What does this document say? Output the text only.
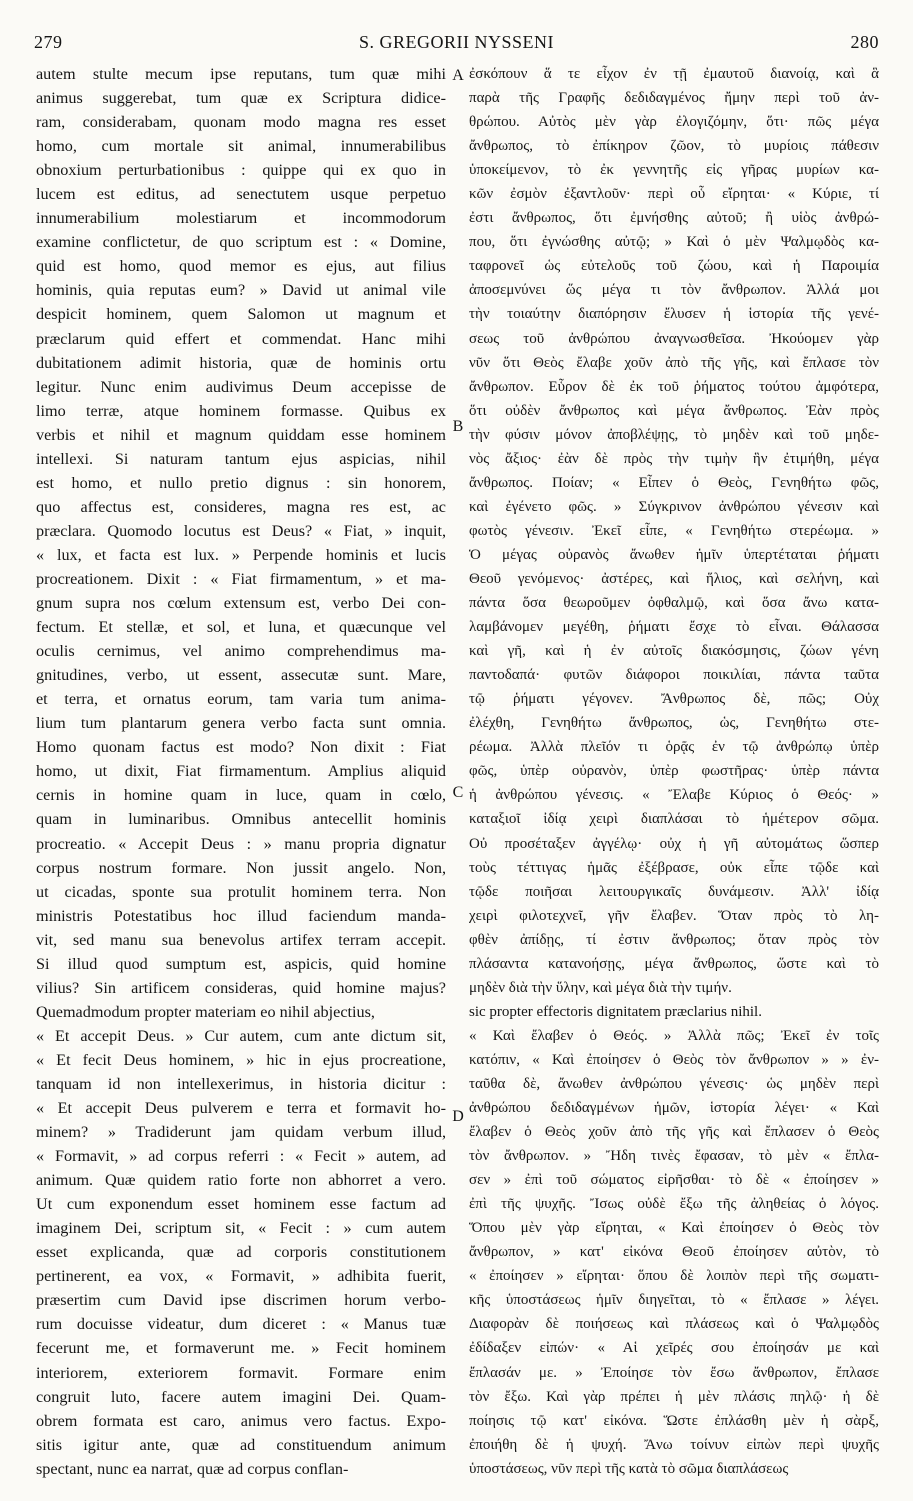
279	S. GREGORII NYSSENI	280
autem stulte mecum ipse reputans, tum quæ mihi
animus suggerebat, tum quæ ex Scriptura didice-
ram, considerabam, quonam modo magna res esset
homo, cum mortale sit animal, innumerabilibus
obnoxium perturbationibus : quippe qui ex quo in
lucem est editus, ad senectutem usque perpetuo
innumerabilium molestiarum et incommodorum
examine conflictetur, de quo scriptum est : « Domine,
quid est homo, quod memor es ejus, aut filius
hominis, quia reputas eum? » David ut animal vile
despicit hominem, quem Salomon ut magnum et
præclarum quid effert et commendat. Hanc mihi
dubitationem adimit historia, quæ de hominis ortu
legitur. Nunc enim audivimus Deum accepisse de
limo terræ, atque hominem formasse. Quibus ex
verbis et nihil et magnum quiddam esse hominem
intellexi. Si naturam tantum ejus aspicias, nihil
est homo, et nullo pretio dignus : sin honorem,
quo affectus est, consideres, magna res est, ac
præclara. Quomodo locutus est Deus? « Fiat, » inquit,
« lux, et facta est lux. » Perpende hominis et lucis
procreationem. Dixit : « Fiat firmamentum, » et ma-
gnum supra nos cœlum extensum est, verbo Dei con-
fectum. Et stellæ, et sol, et luna, et quæcunque vel
oculis cernimus, vel animo comprehendimus ma-
gnitudines, verbo, ut essent, assecutæ sunt. Mare,
et terra, et ornatus eorum, tam varia tum anima-
lium tum plantarum genera verbo facta sunt omnia.
Homo quonam factus est modo? Non dixit : Fiat
homo, ut dixit, Fiat firmamentum. Amplius aliquid
cernis in homine quam in luce, quam in cœlo,
quam in luminaribus. Omnibus antecellit hominis
procreatio. « Accepit Deus : » manu propria dignatur
corpus nostrum formare. Non jussit angelo. Non,
ut cicadas, sponte sua protulit hominem terra. Non
ministris Potestatibus hoc illud faciendum manda-
vit, sed manu sua benevolus artifex terram accepit.
Si illud quod sumptum est, aspicis, quid homine
vilius? Sin artificem consideras, quid homine majus?
Quemadmodum propter materiam eo nihil abjectius,
« Et accepit Deus. » Cur autem, cum ante dictum sit,
« Et fecit Deus hominem, » hic in ejus procreatione,
tanquam id non intellexerimus, in historia dicitur :
« Et accepit Deus pulverem e terra et formavit ho-
minem? » Tradiderunt jam quidam verbum illud,
« Formavit, » ad corpus referri : « Fecit » autem, ad
animum. Quæ quidem ratio forte non abhorret a vero.
Ut cum exponendum esset hominem esse factum ad
imaginem Dei, scriptum sit, « Fecit : » cum autem
esset explicanda, quæ ad corporis constitutionem
pertinerent, ea vox, « Formavit, » adhibita fuerit,
præsertim cum David ipse discrimen horum verbo-
rum docuisse videatur, dum diceret : « Manus tuæ
fecerunt me, et formaverunt me. » Fecit hominem
interiorem, exteriorem formavit. Formare enim
congruit luto, facere autem imagini Dei. Quam-
obrem formata est caro, animus vero factus. Expo-
sitis igitur ante, quæ ad constituendum animum
spectant, nunc ea narrat, quæ ad corpus conflan-
A
B
C
D
ἐσκόπουν ἅ τε εἶχον ἐν τῇ ἐμαυτοῦ διανοίᾳ, καὶ ἃ
παρὰ τῆς Γραφῆς δεδιδαγμένος ἤμην περὶ τοῦ ἀν-
θρώπου. Αὐτὸς μὲν γὰρ ἐλογιζόμην, ὅτι· πῶς μέγα
ἄνθρωπος, τὸ ἐπίκηρον ζῶον, τὸ μυρίοις πάθεσιν
ὑποκείμενον, τὸ ἐκ γεννητῆς εἰς γῆρας μυρίων κα-
κῶν ἐσμὸν ἐξαντλοῦν· περὶ οὗ εἴρηται· « Κύριε, τί
ἐστι ἄνθρωπος, ὅτι ἐμνήσθης αὐτοῦ; ἢ υἱὸς ἀνθρώ-
που, ὅτι ἐγνώσθης αὐτῷ; » Καὶ ὁ μὲν Ψαλμῳδὸς κα-
ταφρονεῖ ὡς εὐτελοῦς τοῦ ζώου, καὶ ἡ Παροιμία
ἀποσεμνύνει ὥς μέγα τι τὸν ἄνθρωπον. Ἀλλά μοι
τὴν τοιαύτην διαπόρησιν ἔλυσεν ἡ ἱστορία τῆς γενέ-
σεως τοῦ ἀνθρώπου ἀναγνωσθεῖσα. Ἠκούομεν γὰρ
νῦν ὅτι Θεὸς ἔλαβε χοῦν ἀπὸ τῆς γῆς, καὶ ἔπλασε τὸν
ἄνθρωπον. Εὗρον δὲ ἐκ τοῦ ῥήματος τούτου ἀμφότερα,
ὅτι οὐδὲν ἄνθρωπος καὶ μέγα ἄνθρωπος. Ἐὰν πρὸς
τὴν φύσιν μόνον ἀποβλέψῃς, τὸ μηδὲν καὶ τοῦ μηδε-
νὸς ἄξιος· ἐὰν δὲ πρὸς τὴν τιμὴν ἣν ἐτιμήθη, μέγα
ἄνθρωπος. Ποίαν; « Εἶπεν ὁ Θεὸς, Γενηθήτω φῶς,
καὶ ἐγένετο φῶς. » Σύγκρινον ἀνθρώπου γένεσιν καὶ
φωτὸς γένεσιν. Ἐκεῖ εἶπε, « Γενηθήτω στερέωμα. »
Ὁ μέγας οὐρανὸς ἄνωθεν ἡμῖν ὑπερτέταται ῥήματι
Θεοῦ γενόμενος· ἀστέρες, καὶ ἥλιος, καὶ σελήνη, καὶ
πάντα ὅσα θεωροῦμεν ὀφθαλμῷ, καὶ ὅσα ἄνω κατα-
λαμβάνομεν μεγέθη, ῥήματι ἔσχε τὸ εἶναι. Θάλασσα
καὶ γῆ, καὶ ἡ ἐν αὐτοῖς διακόσμησις, ζώων γένη
παντοδαπά· φυτῶν διάφοροι ποικιλίαι, πάντα ταῦτα
τῷ ῥήματι γέγονεν. Ἄνθρωπος δὲ, πῶς; Οὐχ
ἐλέχθη, Γενηθήτω ἄνθρωπος, ὡς, Γενηθήτω στε-
ρέωμα. Ἀλλὰ πλεῖόν τι ὁρᾷς ἐν τῷ ἀνθρώπῳ ὑπὲρ
φῶς, ὑπὲρ οὐρανὸν, ὑπὲρ φωστῆρας· ὑπὲρ πάντα
ἡ ἀνθρώπου γένεσις. « Ἔλαβε Κύριος ὁ Θεός· »
καταξιοῖ ἰδίᾳ χειρὶ διαπλάσαι τὸ ἡμέτερον σῶμα.
Οὐ προσέταξεν ἀγγέλῳ· οὐχ ἡ γῆ αὐτομάτως ὥσπερ
τοὺς τέττιγας ἡμᾶς ἐξέβρασε, οὐκ εἶπε τῷδε καὶ
τῷδε ποιῆσαι λειτουργικαῖς δυνάμεσιν. Ἀλλ' ἰδίᾳ
χειρὶ φιλοτεχνεῖ, γῆν ἔλαβεν. Ὅταν πρὸς τὸ λη-
φθὲν ἀπίδῃς, τί ἐστιν ἄνθρωπος; ὅταν πρὸς τὸν
πλάσαντα κατανοήσῃς, μέγα ἄνθρωπος, ὥστε καὶ τὸ
μηδὲν διὰ τὴν ὕλην, καὶ μέγα διὰ τὴν τιμήν.
sic propter effectoris dignitatem præclarius nihil.
« Καὶ ἔλαβεν ὁ Θεός. » Ἀλλὰ πῶς; Ἐκεῖ ἐν τοῖς
κατόπιν, « Καὶ ἐποίησεν ὁ Θεὸς τὸν ἄνθρωπον » » ἐν-
ταῦθα δὲ, ἄνωθεν ἀνθρώπου γένεσις· ὡς μηδὲν περὶ
ἀνθρώπου δεδιδαγμένων ἡμῶν, ἱστορία λέγει· « Καὶ
ἔλαβεν ὁ Θεὸς χοῦν ἀπὸ τῆς γῆς καὶ ἔπλασεν ὁ Θεὸς
τὸν ἄνθρωπον. » Ἤδη τινὲς ἔφασαν, τὸ μὲν « ἔπλα-
σεν » ἐπὶ τοῦ σώματος εἰρῆσθαι· τὸ δὲ « ἐποίησεν »
ἐπὶ τῆς ψυχῆς. Ἴσως οὐδὲ ἔξω τῆς ἀληθείας ὁ λόγος.
Ὅπου μὲν γὰρ εἴρηται, « Καὶ ἐποίησεν ὁ Θεὸς τὸν
ἄνθρωπον, » κατ' εἰκόνα Θεοῦ ἐποίησεν αὐτὸν, τὸ
« ἐποίησεν » εἴρηται· ὅπου δὲ λοιπὸν περὶ τῆς σωματι-
κῆς ὑποστάσεως ἡμῖν διηγεῖται, τὸ « ἔπλασε » λέγει.
Διαφορὰν δὲ ποιήσεως καὶ πλάσεως καὶ ὁ Ψαλμῳδὸς
ἐδίδαξεν εἰπών· « Αἱ χεῖρές σου ἐποίησάν με καὶ
ἔπλασάν με. » Ἐποίησε τὸν ἔσω ἄνθρωπον, ἔπλασε
τὸν ἔξω. Καὶ γὰρ πρέπει ἡ μὲν πλάσις πηλῷ· ἡ δὲ
ποίησις τῷ κατ' εἰκόνα. Ὥστε ἐπλάσθη μὲν ἡ σὰρξ,
ἐποιήθη δὲ ἡ ψυχή. Ἄνω τοίνυν εἰπὼν περὶ ψυχῆς
ὑποστάσεως, νῦν περὶ τῆς κατὰ τὸ σῶμα διαπλάσεως
